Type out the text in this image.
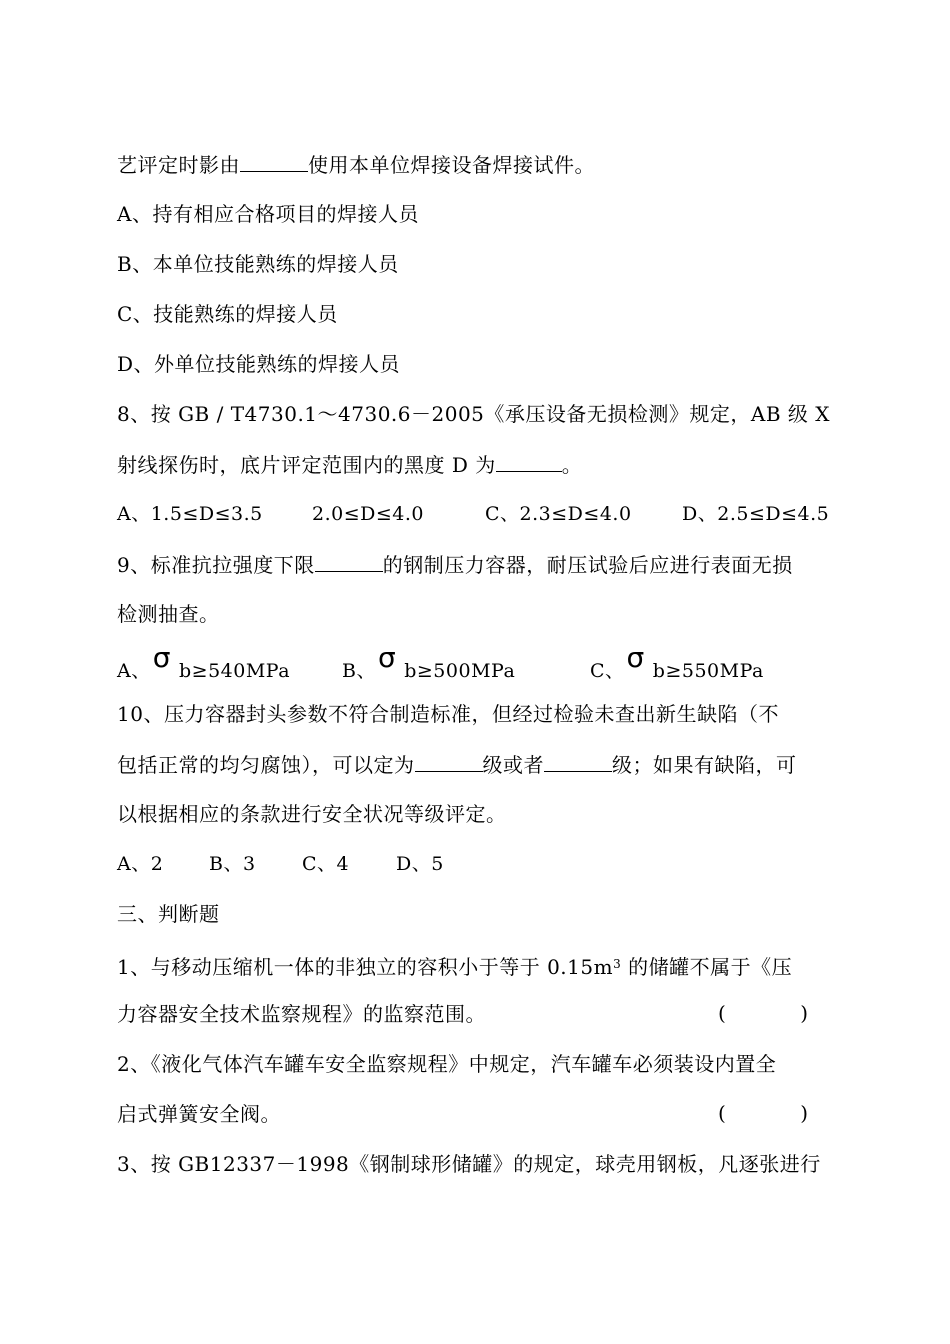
艺评定时影由	使用本单位焊接设备焊接试件。
A、持有相应合格项目的焊接人员
B、本单位技能熟练的焊接人员
C、技能熟练的焊接人员
D、外单位技能熟练的焊接人员
8、按 GB / T4730.1～4730.6－2005《承压设备无损检测》规定，AB 级 X
射线探伤时，底片评定范围内的黑度 D 为	。
A、1.5≤D≤3.5	2.0≤D≤4.0	C、2.3≤D≤4.0	D、2.5≤D≤4.5
9、标准抗拉强度下限	的钢制压力容器，耐压试验后应进行表面无损
检测抽查。
A、σ b≥540MPa	B、σ b≥500MPa	C、σ b≥550MPa
10、压力容器封头参数不符合制造标准，但经过检验未查出新生缺陷（不
包括正常的均匀腐蚀），可以定为	级或者	级；如果有缺陷，可
以根据相应的条款进行安全状况等级评定。
A、2 B、3 C、4 D、5
三、判断题
1、与移动压缩机一体的非独立的容积小于等于 $0.15m^3$ 的储罐不属于《压
力容器安全技术监察规程》的监察范围。	(	)
2、《液化气体汽车罐车安全监察规程》中规定，汽车罐车必须装设内置全
启式弹簧安全阀。	(	)
3、按 GB12337－1998《钢制球形储罐》的规定，球壳用钢板，凡逐张进行
